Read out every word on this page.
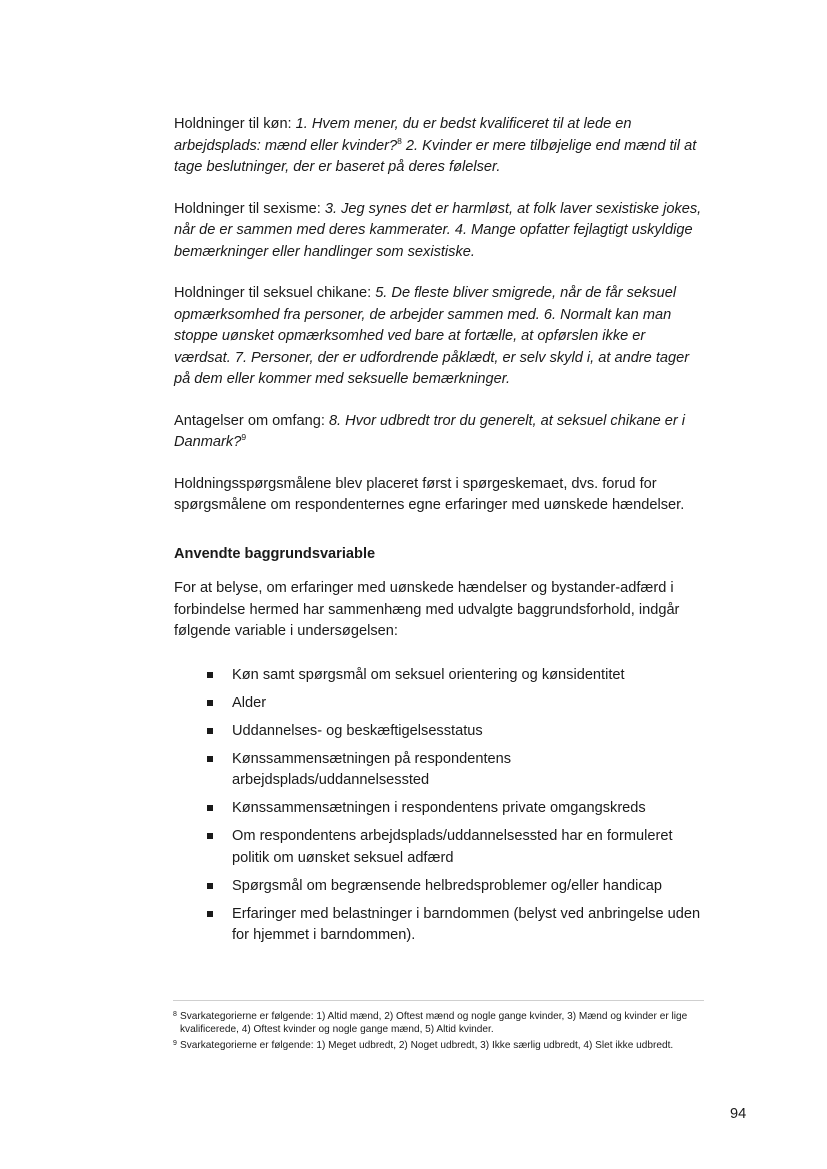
Holdninger til køn: 1. Hvem mener, du er bedst kvalificeret til at lede en arbejdsplads: mænd eller kvinder?$^8$ 2. Kvinder er mere tilbøjelige end mænd til at tage beslutninger, der er baseret på deres følelser.

Holdninger til sexisme: 3. Jeg synes det er harmløst, at folk laver sexistiske jokes, når de er sammen med deres kammerater. 4. Mange opfatter fejlagtigt uskyldige bemærkninger eller handlinger som sexistiske.

Holdninger til seksuel chikane: 5. De fleste bliver smigrede, når de får seksuel opmærksomhed fra personer, de arbejder sammen med. 6. Normalt kan man stoppe uønsket opmærksomhed ved bare at fortælle, at opførslen ikke er værdsat. 7. Personer, der er udfordrende påklædt, er selv skyld i, at andre tager på dem eller kommer med seksuelle bemærkninger.

Antagelser om omfang: 8. Hvor udbredt tror du generelt, at seksuel chikane er i Danmark?$^9$

Holdningsspørgsmålene blev placeret først i spørgeskemaet, dvs. forud for spørgsmålene om respondenternes egne erfaringer med uønskede hændelser.

Anvendte baggrundsvariable

For at belyse, om erfaringer med uønskede hændelser og bystander-adfærd i forbindelse hermed har sammenhæng med udvalgte baggrundsforhold, indgår følgende variable i undersøgelsen:

Køn samt spørgsmål om seksuel orientering og kønsidentitet
Alder
Uddannelses- og beskæftigelsesstatus
Kønssammensætningen på respondentens arbejdsplads/uddannelsessted
Kønssammensætningen i respondentens private omgangskreds
Om respondentens arbejdsplads/uddannelsessted har en formuleret politik om uønsket seksuel adfærd
Spørgsmål om begrænsende helbredsproblemer og/eller handicap
Erfaringer med belastninger i barndommen (belyst ved anbringelse uden for hjemmet i barndommen).
8 Svarkategorierne er følgende: 1) Altid mænd, 2) Oftest mænd og nogle gange kvinder, 3) Mænd og kvinder er lige kvalificerede, 4) Oftest kvinder og nogle gange mænd, 5) Altid kvinder.
9 Svarkategorierne er følgende: 1) Meget udbredt, 2) Noget udbredt, 3) Ikke særlig udbredt, 4) Slet ikke udbredt.
94
